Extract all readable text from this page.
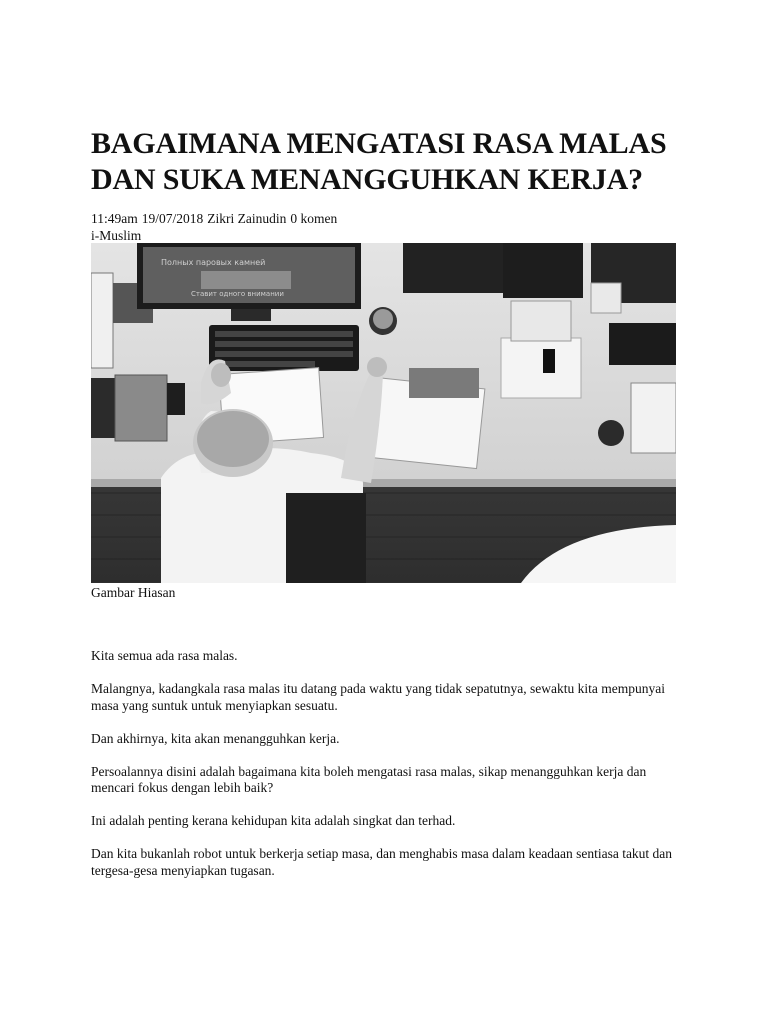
BAGAIMANA MENGATASI RASA MALAS DAN SUKA MENANGGUHKAN KERJA?
11:49am 19/07/2018 Zikri Zainudin 0 komen
i-Muslim
Полных паровых камней
Ставит одного внимании
Gambar Hiasan

Kita semua ada rasa malas.

Malangnya, kadangkala rasa malas itu datang pada waktu yang tidak sepatutnya, sewaktu kita mempunyai masa yang suntuk untuk menyiapkan sesuatu.

Dan akhirnya, kita akan menangguhkan kerja.

Persoalannya disini adalah bagaimana kita boleh mengatasi rasa malas, sikap menangguhkan kerja dan mencari fokus dengan lebih baik?

Ini adalah penting kerana kehidupan kita adalah singkat dan terhad.

Dan kita bukanlah robot untuk berkerja setiap masa, dan menghabis masa dalam keadaan sentiasa takut dan tergesa-gesa menyiapkan tugasan.
